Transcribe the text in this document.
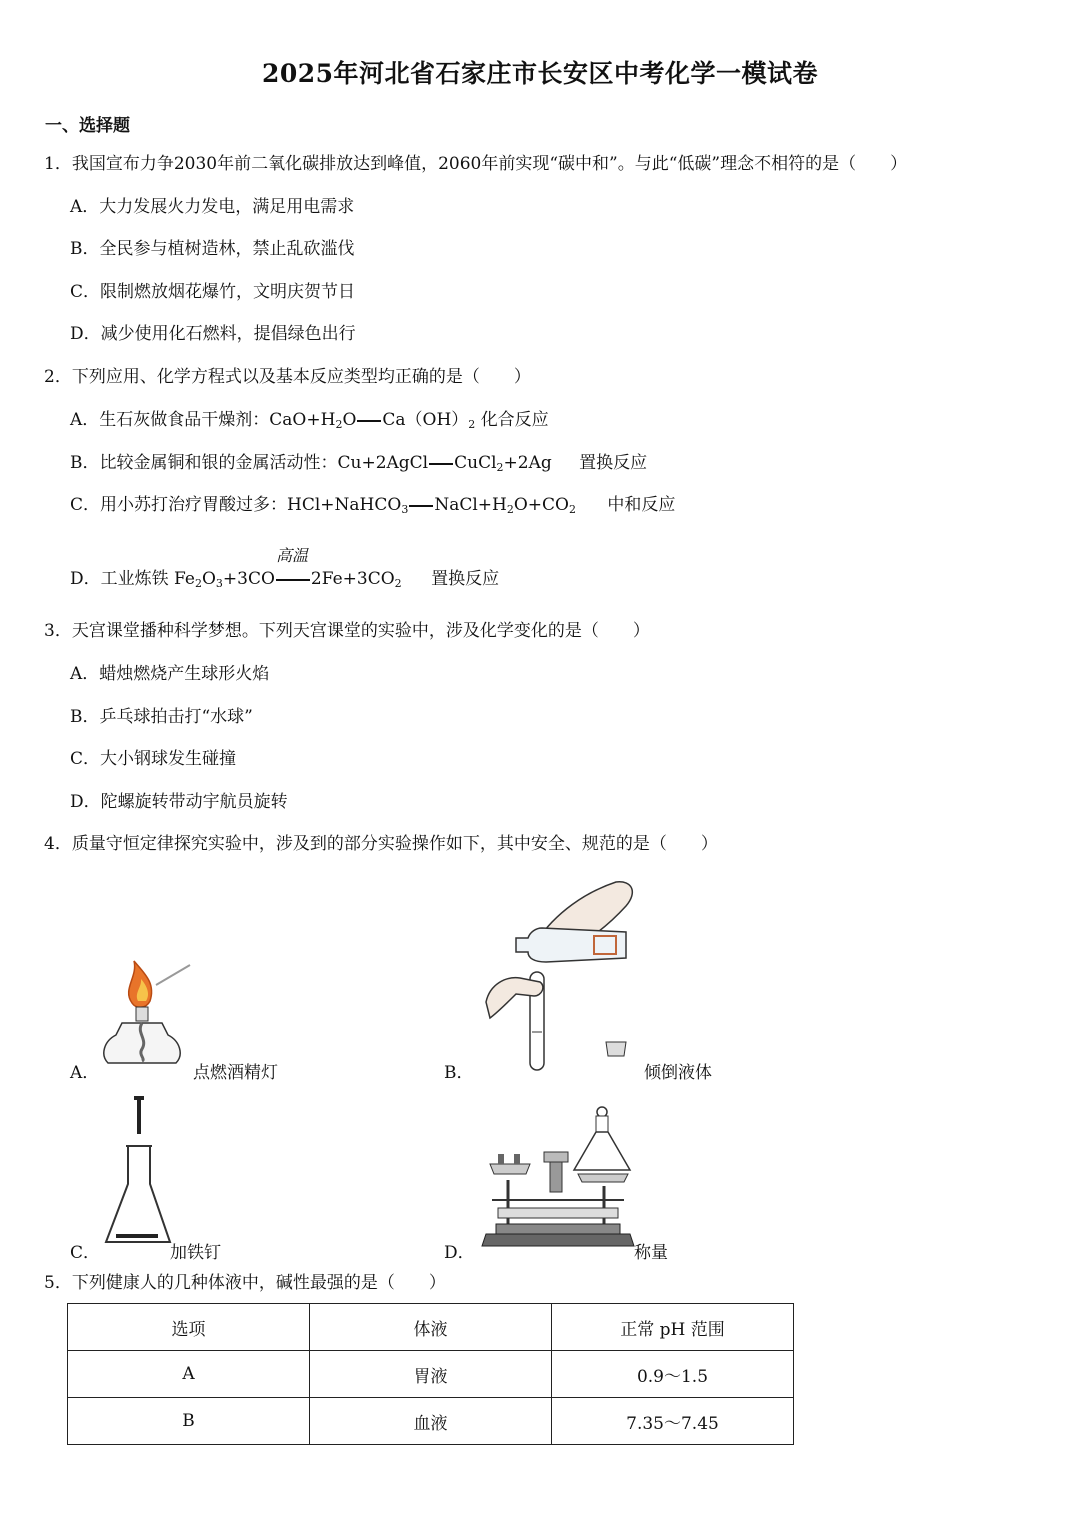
2025年河北省石家庄市长安区中考化学一模试卷
一、选择题
1．我国宣布力争2030年前二氧化碳排放达到峰值，2060年前实现“碳中和”。与此“低碳”理念不相符的是（　　）
A．大力发展火力发电，满足用电需求
B．全民参与植树造林，禁止乱砍滥伐
C．限制燃放烟花爆竹，文明庆贺节日
D．减少使用化石燃料，提倡绿色出行
2．下列应用、化学方程式以及基本反应类型均正确的是（　　）
A．生石灰做食品干燥剂：$CaO+H_2O$ $Ca(OH)_2$ 化合反应
B．比较金属铜和银的金属活动性：Cu+2AgCl CuCl$_2$+2Ag 置换反应
C．用小苏打治疗胃酸过多：HCl+NaHCO$_3$ $NaCl+H_2O+CO_2$ 中和反应
高温
D．工业炼铁 $Fe_2O_3+3CO$ $2Fe+3CO_2$ 置换反应
3．天宫课堂播种科学梦想。下列天宫课堂的实验中，涉及化学变化的是（　　）
A．蜡烛燃烧产生球形火焰
B．乒乓球拍击打“水球”
C．大小钢球发生碰撞
D．陀螺旋转带动宇航员旋转
4．质量守恒定律探究实验中，涉及到的部分实验操作如下，其中安全、规范的是（　　）
A．	点燃酒精灯	B．	倾倒液体
C．	加铁钉	D．	称量
5．下列健康人的几种体液中，碱性最强的是（　　）
选项	体液	正常 pH 范围
A	胃液	0.9～1.5
B	血液	7.35～7.45
